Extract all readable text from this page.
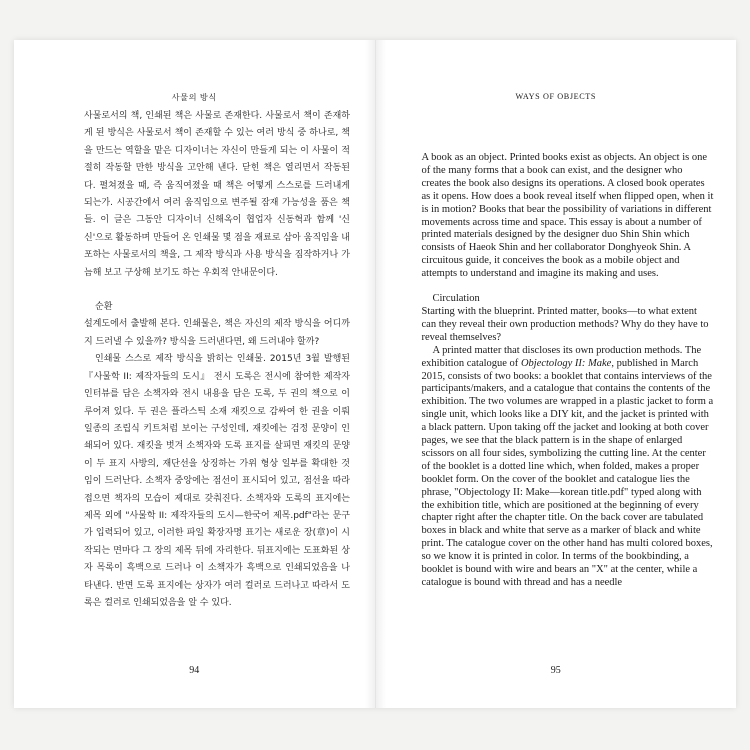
사물의 방식

사물로서의 책, 인쇄된 책은 사물로 존재한다. 사물로서 책이 존재하게 된 방식은 사물로서 책이 존재할 수 있는 여러 방식 중 하나로, 책을 만드는 역할을 맡은 디자이너는 자신이 만들게 되는 이 사물이 적절히 작동할 만한 방식을 고안해 낸다. 닫힌 책은 열리면서 작동된다. 펼쳐졌을 때, 즉 움직여졌을 때 책은 어떻게 스스로를 드러내게 되는가. 시공간에서 여러 움직임으로 변주될 잠재 가능성을 품은 책들. 이 글은 그동안 디자이너 신해옥이 협업자 신동혁과 함께 '신신'으로 활동하며 만들어 온 인쇄물 몇 점을 재료로 삼아 움직임을 내포하는 사물로서의 책을, 그 제작 방식과 사용 방식을 짐작하거나 가늠해 보고 구상해 보기도 하는 우회적 안내문이다.

순환

설계도에서 출발해 본다. 인쇄물은, 책은 자신의 제작 방식을 어디까지 드러낼 수 있을까? 방식을 드러낸다면, 왜 드러내야 할까?

인쇄물 스스로 제작 방식을 밝히는 인쇄물. 2015년 3월 발행된 『사물학 II: 제작자들의 도시』 전시 도록은 전시에 참여한 제작자 인터뷰를 담은 소책자와 전시 내용을 담은 도록, 두 권의 책으로 이루어져 있다. 두 권은 플라스틱 소재 재킷으로 감싸여 한 권을 이뤄 일종의 조립식 키트처럼 보이는 구성인데, 재킷에는 검정 문양이 인쇄되어 있다. 재킷을 벗겨 소책자와 도록 표지를 살피면 재킷의 문양이 두 표지 사방의, 재단선을 상징하는 가위 형상 일부를 확대한 것임이 드러난다. 소책자 중앙에는 점선이 표시되어 있고, 점선을 따라 접으면 책자의 모습이 제대로 갖춰진다. 소책자와 도록의 표지에는 제목 외에 "사물학 II: 제작자들의 도시—한국어 제목.pdf"라는 문구가 입력되어 있고, 이러한 파일 확장자명 표기는 새로운 장(章)이 시작되는 면마다 그 장의 제목 뒤에 자리한다. 뒤표지에는 도표화된 상자 목록이 흑백으로 드러나 이 소책자가 흑백으로 인쇄되었음을 나타낸다. 반면 도록 표지에는 상자가 여러 컬러로 드러나고 따라서 도록은 컬러로 인쇄되었음을 알 수 있다.

94
WAYS OF OBJECTS

A book as an object. Printed books exist as objects. An object is one of the many forms that a book can exist, and the designer who creates the book also designs its operations. A closed book operates as it opens. How does a book reveal itself when flipped open, when it is in motion? Books that bear the possibility of variations in different movements across time and space. This essay is about a number of printed materials designed by the designer duo Shin Shin which consists of Haeok Shin and her collaborator Donghyeok Shin. A circuitous guide, it conceives the book as a mobile object and attempts to understand and imagine its making and uses.

Circulation

Starting with the blueprint. Printed matter, books—to what extent can they reveal their own production methods? Why do they have to reveal themselves?

A printed matter that discloses its own production methods. The exhibition catalogue of Objectology II: Make, published in March 2015, consists of two books: a booklet that contains interviews of the participants/makers, and a catalogue that contains the contents of the exhibition. The two volumes are wrapped in a plastic jacket to form a single unit, which looks like a DIY kit, and the jacket is printed with a black pattern. Upon taking off the jacket and looking at both cover pages, we see that the black pattern is in the shape of enlarged scissors on all four sides, symbolizing the cutting line. At the center of the booklet is a dotted line which, when folded, makes a proper booklet form. On the cover of the booklet and catalogue lies the phrase, "Objectology II: Make—korean title.pdf" typed along with the exhibition title, which are positioned at the beginning of every chapter right after the chapter title. On the back cover are tabulated boxes in black and white that serve as a marker of black and white print. The catalogue cover on the other hand has multi colored boxes, so we know it is printed in color. In terms of the bookbinding, a booklet is bound with wire and bears an "X" at the center, while a catalogue is bound with thread and has a needle

95
